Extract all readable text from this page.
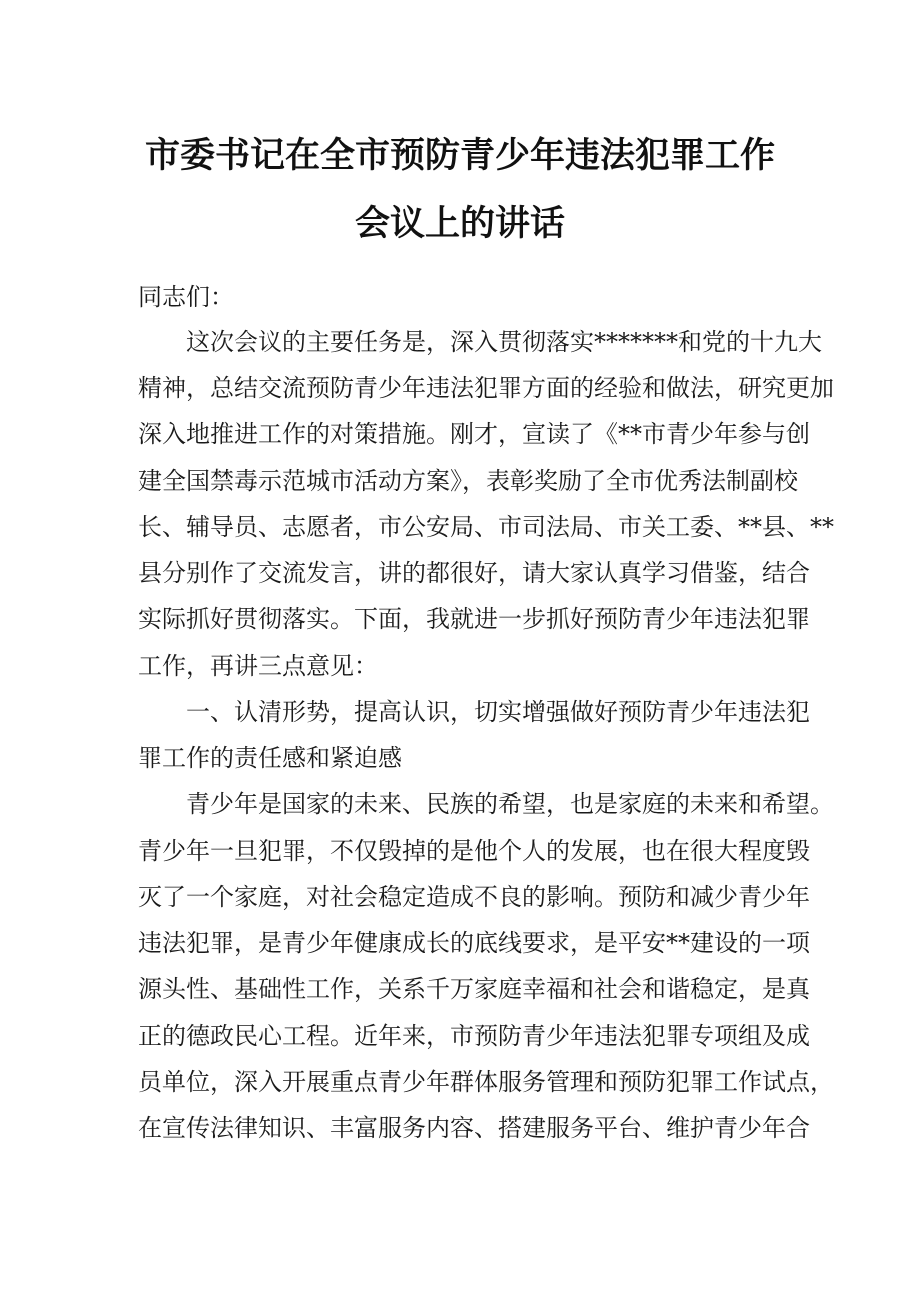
市委书记在全市预防青少年违法犯罪工作
会议上的讲话

同志们：

这次会议的主要任务是，深入贯彻落实*******和党的十九大

精神，总结交流预防青少年违法犯罪方面的经验和做法，研究更加

深入地推进工作的对策措施。刚才，宣读了《**市青少年参与创

建全国禁毒示范城市活动方案》，表彰奖励了全市优秀法制副校

长、辅导员、志愿者，市公安局、市司法局、市关工委、**县、**

县分别作了交流发言，讲的都很好，请大家认真学习借鉴，结合

实际抓好贯彻落实。下面，我就进一步抓好预防青少年违法犯罪

工作，再讲三点意见：

一、认清形势，提高认识，切实增强做好预防青少年违法犯

罪工作的责任感和紧迫感

青少年是国家的未来、民族的希望，也是家庭的未来和希望。

青少年一旦犯罪，不仅毁掉的是他个人的发展，也在很大程度毁

灭了一个家庭，对社会稳定造成不良的影响。预防和减少青少年

违法犯罪，是青少年健康成长的底线要求，是平安**建设的一项

源头性、基础性工作，关系千万家庭幸福和社会和谐稳定，是真

正的德政民心工程。近年来，市预防青少年违法犯罪专项组及成

员单位，深入开展重点青少年群体服务管理和预防犯罪工作试点，

在宣传法律知识、丰富服务内容、搭建服务平台、维护青少年合
